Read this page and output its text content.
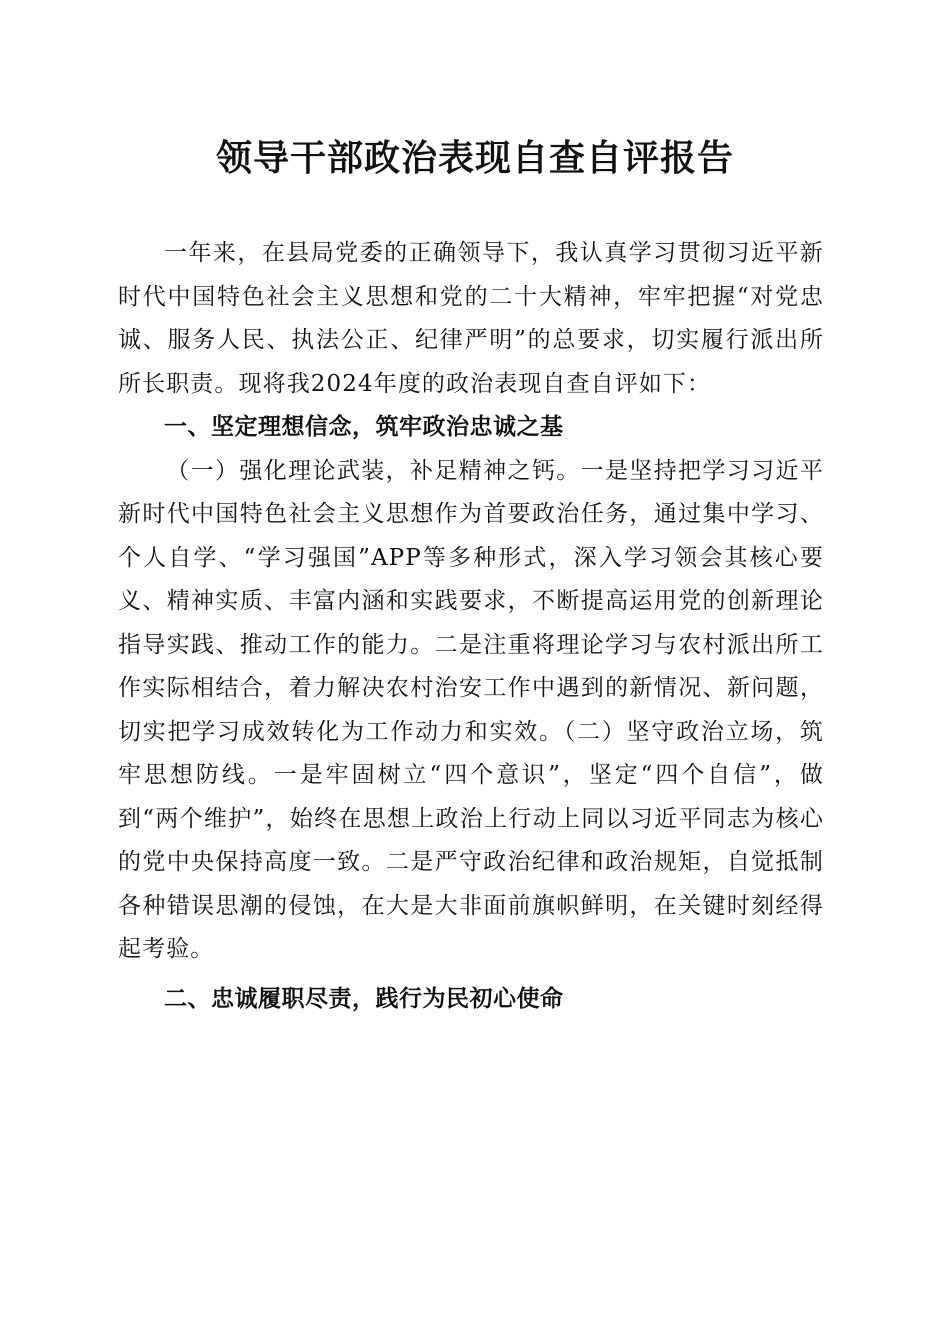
领导干部政治表现自查自评报告

一年来，在县局党委的正确领导下，我认真学习贯彻习近平新时代中国特色社会主义思想和党的二十大精神，牢牢把握“对党忠诚、服务人民、执法公正、纪律严明”的总要求，切实履行派出所所长职责。现将我2024年度的政治表现自查自评如下：

一、坚定理想信念，筑牢政治忠诚之基

（一）强化理论武装，补足精神之钙。一是坚持把学习习近平新时代中国特色社会主义思想作为首要政治任务，通过集中学习、个人自学、“学习强国”APP等多种形式，深入学习领会其核心要义、精神实质、丰富内涵和实践要求，不断提高运用党的创新理论指导实践、推动工作的能力。二是注重将理论学习与农村派出所工作实际相结合，着力解决农村治安工作中遇到的新情况、新问题，切实把学习成效转化为工作动力和实效。（二）坚守政治立场，筑牢思想防线。一是牢固树立“四个意识”，坚定“四个自信”，做到“两个维护”，始终在思想上政治上行动上同以习近平同志为核心的党中央保持高度一致。二是严守政治纪律和政治规矩，自觉抵制各种错误思潮的侵蚀，在大是大非面前旗帜鲜明，在关键时刻经得起考验。

二、忠诚履职尽责，践行为民初心使命
